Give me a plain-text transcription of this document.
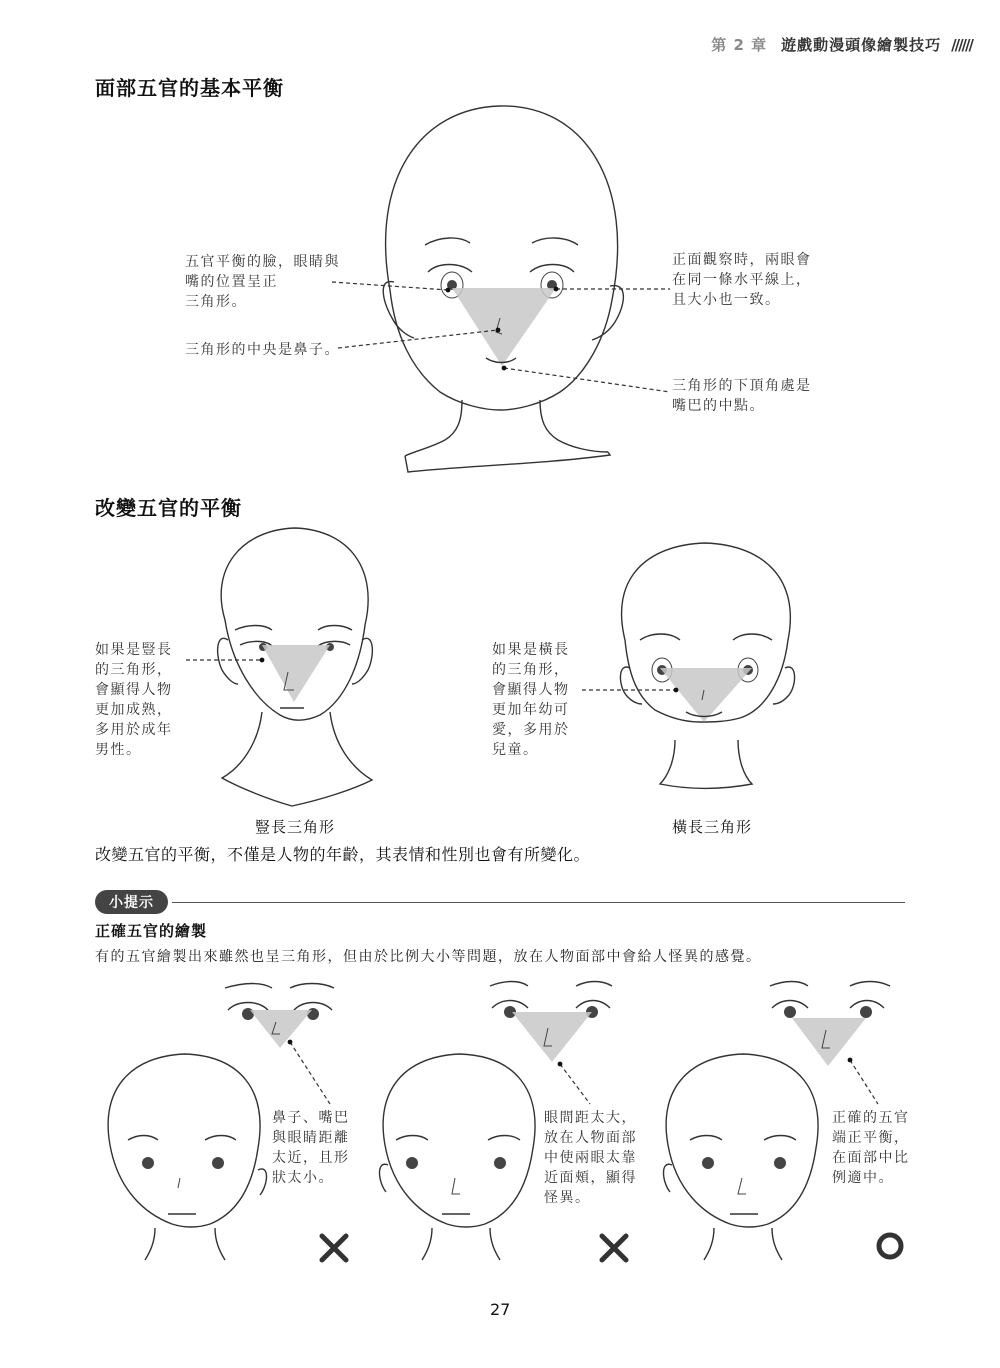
第 2 章 遊戲動漫頭像繪製技巧 //////
面部五官的基本平衡
五官平衡的臉，眼睛與
嘴的位置呈正
三角形。
三角形的中央是鼻子。
正面觀察時，兩眼會
在同一條水平線上，
且大小也一致。
三角形的下頂角處是
嘴巴的中點。
改變五官的平衡
如果是豎長
的三角形，
會顯得人物
更加成熟，
多用於成年
男性。
如果是橫長
的三角形，
會顯得人物
更加年幼可
愛，多用於
兒童。
豎長三角形	橫長三角形
改變五官的平衡，不僅是人物的年齡，其表情和性別也會有所變化。
小提示
正確五官的繪製
有的五官繪製出來雖然也呈三角形，但由於比例大小等問題，放在人物面部中會給人怪異的感覺。
鼻子、嘴巴
與眼睛距離
太近，且形
狀太小。
眼間距太大，
放在人物面部
中使兩眼太靠
近面頰，顯得
怪異。
正確的五官
端正平衡，
在面部中比
例適中。
27
